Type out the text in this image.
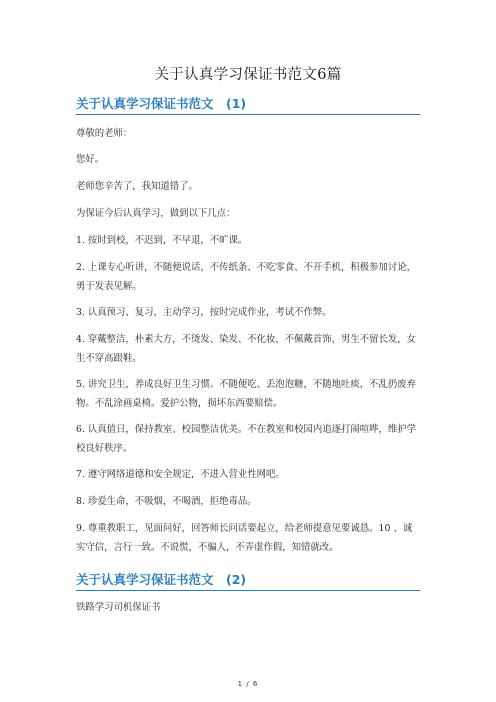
关于认真学习保证书范文6篇
关于认真学习保证书范文　(1)
尊敬的老师：
您好。
老师您辛苦了，我知道错了。
为保证今后认真学习，做到以下几点：
1. 按时到校，不迟到，不早退，不旷课。
2. 上课专心听讲，不随便说话，不传纸条、不吃零食、不开手机，积极参加讨论，勇于发表见解。
3. 认真预习、复习，主动学习，按时完成作业，考试不作弊。
4. 穿戴整洁，朴素大方，不烫发、染发、不化妆，不佩戴首饰，男生不留长发，女生不穿高跟鞋。
5. 讲究卫生，养成良好卫生习惯。不随便吃、丢泡泡糖，不随地吐痰，不乱扔废弃物。不乱涂画桌椅。爱护公物，损坏东西要赔偿。
6. 认真值日，保持教室、校园整洁优美。不在教室和校园内追逐打闹喧哗，维护学校良好秩序。
7. 遵守网络道德和安全规定，不进入营业性网吧。
8. 珍爱生命，不吸烟，不喝酒，拒绝毒品。
9. 尊重教职工，见面问好，回答师长问话要起立，给老师提意见要诚恳。10 、诚实守信，言行一致。不说慌，不骗人，不弄虚作假，知错就改。
关于认真学习保证书范文　(2)
铁路学习司机保证书
1 / 6
